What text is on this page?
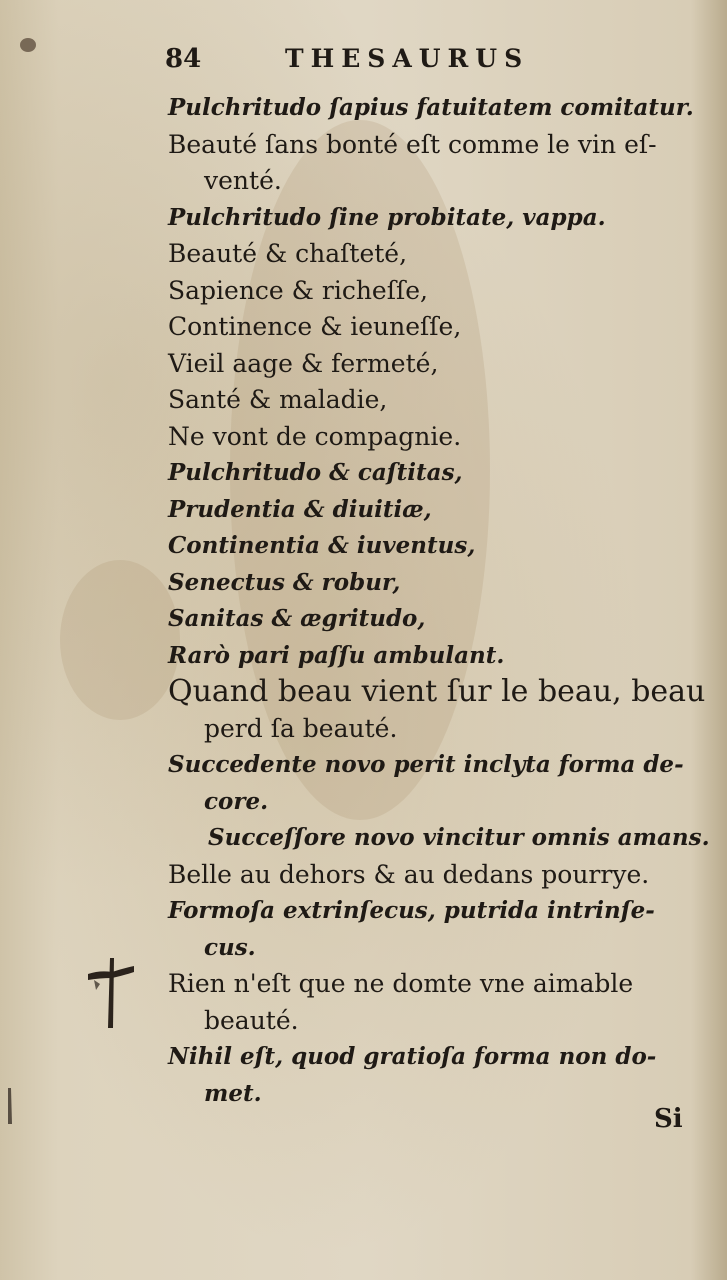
84	THESAURUS
Pulchritudo ſapius fatuitatem comitatur.
Beauté ſans bonté eſt comme le vin eſ-
venté.
Pulchritudo ſine probitate, vappa.
Beauté & chaſteté,
Sapience & richeſſe,
Continence & ieuneſſe,
Vieil aage & fermeté,
Santé & maladie,
Ne vont de compagnie.
Pulchritudo & caſtitas,
Prudentia & diuitiæ,
Continentia & iuventus,
Senectus & robur,
Sanitas & ægritudo,
Rarò pari paſſu ambulant.
Quand beau vient ſur le beau, beau
perd ſa beauté.
Succedente novo perit inclyta forma de-
core.
Succeſſore novo vincitur omnis amans.
Belle au dehors & au dedans pourrye.
Formoſa extrinſecus, putrida intrinſe-
cus.
Rien n'eſt que ne domte vne aimable
beauté.
Nihil eſt, quod gratioſa forma non do-
met.
Si
